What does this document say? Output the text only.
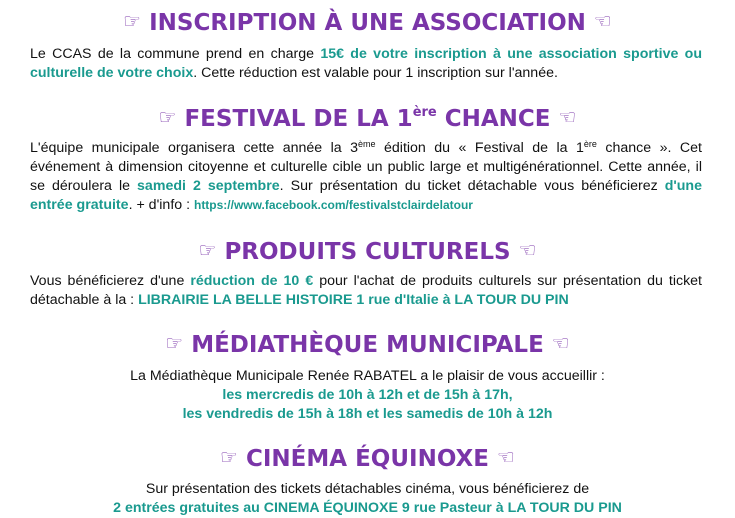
☞ INSCRIPTION À UNE ASSOCIATION ☜
Le CCAS de la commune prend en charge 15€ de votre inscription à une association sportive ou culturelle de votre choix. Cette réduction est valable pour 1 inscription sur l'année.
☞ FESTIVAL DE LA 1ère CHANCE ☜
L'équipe municipale organisera cette année la 3ème édition du « Festival de la 1ère chance ». Cet événement à dimension citoyenne et culturelle cible un public large et multigénérationnel. Cette année, il se déroulera le samedi 2 septembre. Sur présentation du ticket détachable vous bénéficierez d'une entrée gratuite. + d'info : https://www.facebook.com/festivalstclairdelatour
☞ PRODUITS CULTURELS ☜
Vous bénéficierez d'une réduction de 10 € pour l'achat de produits culturels sur présentation du ticket détachable à la : LIBRAIRIE LA BELLE HISTOIRE 1 rue d'Italie à LA TOUR DU PIN
☞ MÉDIATHÈQUE MUNICIPALE ☜
La Médiathèque Municipale Renée RABATEL a le plaisir de vous accueillir :
les mercredis de 10h à 12h et de 15h à 17h,
les vendredis de 15h à 18h et les samedis de 10h à 12h
☞ CINÉMA ÉQUINOXE ☜
Sur présentation des tickets détachables cinéma, vous bénéficierez de
2 entrées gratuites au CINEMA ÉQUINOXE 9 rue Pasteur à LA TOUR DU PIN
